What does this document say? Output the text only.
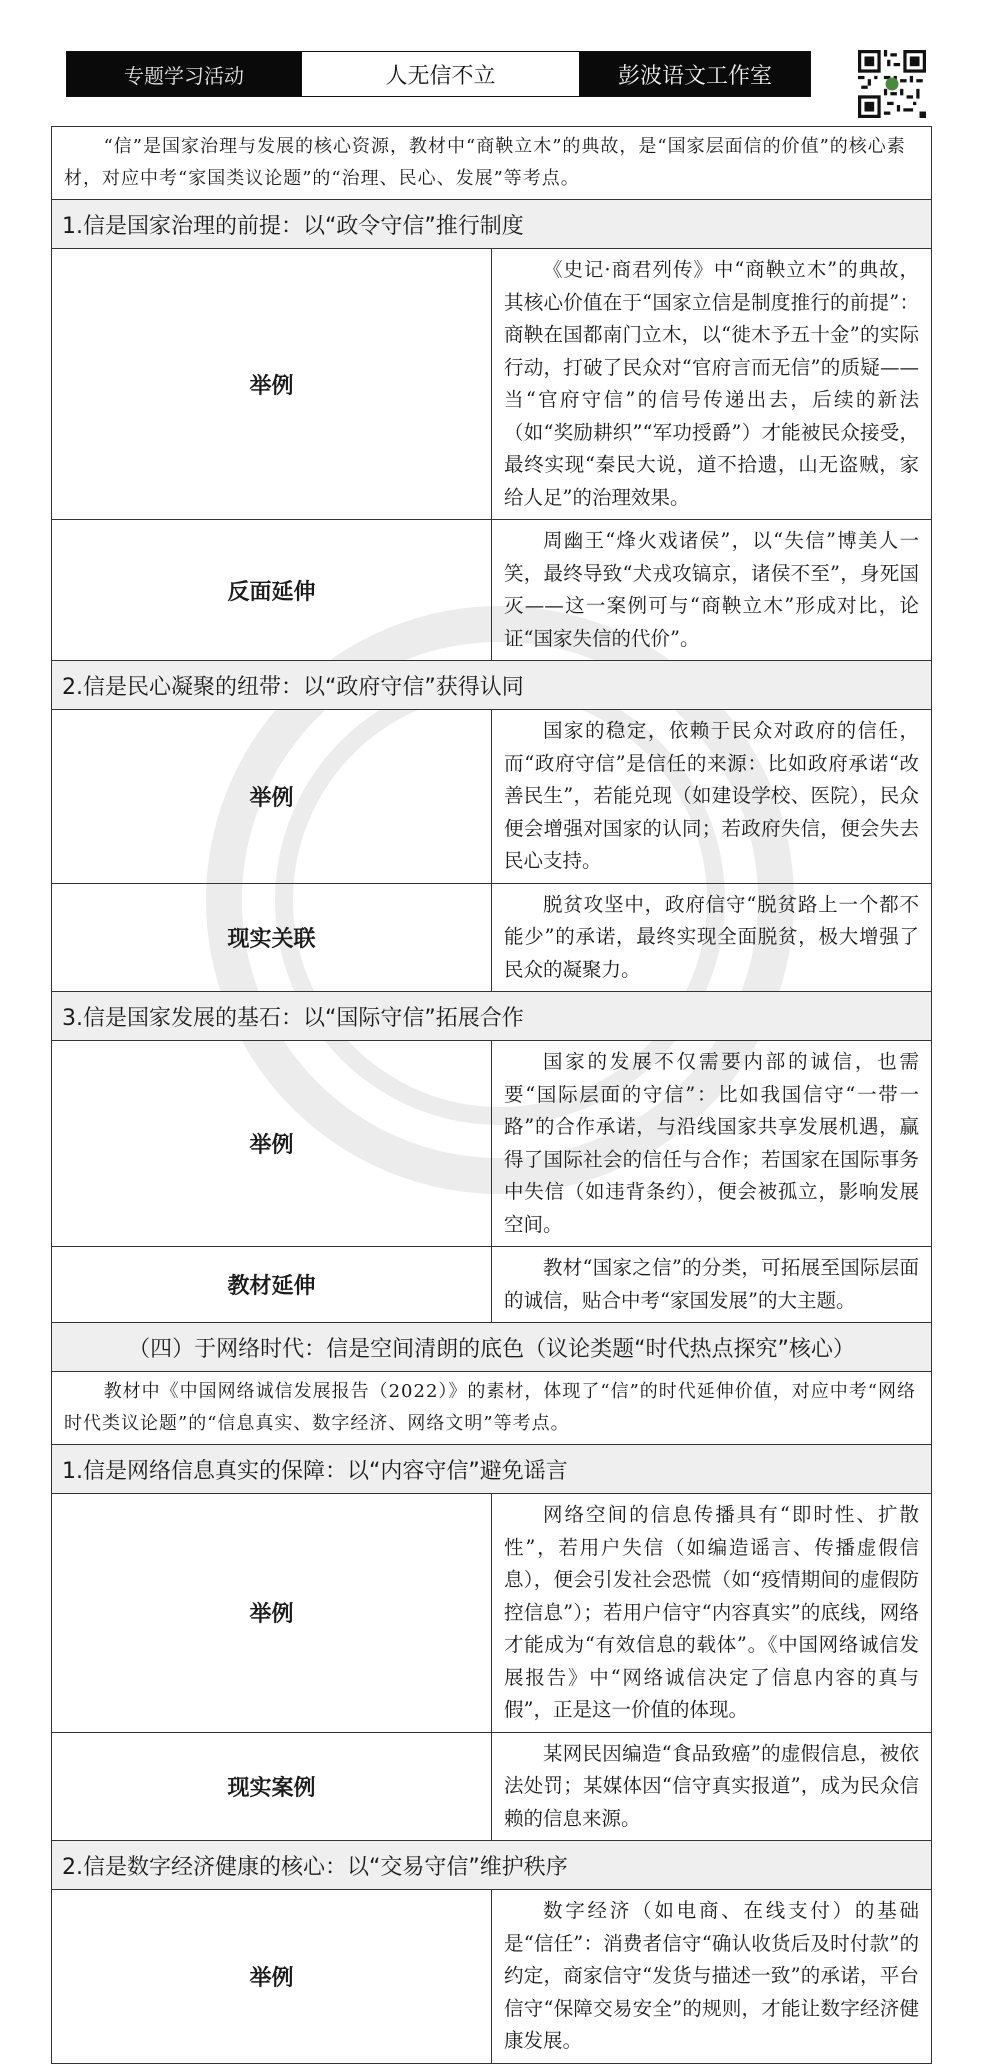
专题学习活动	人无信不立	彭波语文工作室
“信”是国家治理与发展的核心资源，教材中“商鞅立木”的典故，是“国家层面信的价值”的核心素材，对应中考“家国类议论题”的“治理、民心、发展”等考点。	
1.信是国家治理的前提：以“政令守信”推行制度	
举例	《史记·商君列传》中“商鞅立木”的典故，其核心价值在于“国家立信是制度推行的前提”：商鞅在国都南门立木，以“徙木予五十金”的实际行动，打破了民众对“官府言而无信”的质疑——当“官府守信”的信号传递出去，后续的新法（如“奖励耕织”“军功授爵”）才能被民众接受，最终实现“秦民大说，道不拾遗，山无盗贼，家给人足”的治理效果。
反面延伸	周幽王“烽火戏诸侯”，以“失信”博美人一笑，最终导致“犬戎攻镐京，诸侯不至”，身死国灭——这一案例可与“商鞅立木”形成对比，论证“国家失信的代价”。
2.信是民心凝聚的纽带：以“政府守信”获得认同	
举例	国家的稳定，依赖于民众对政府的信任，而“政府守信”是信任的来源：比如政府承诺“改善民生”，若能兑现（如建设学校、医院），民众便会增强对国家的认同；若政府失信，便会失去民心支持。
现实关联	脱贫攻坚中，政府信守“脱贫路上一个都不能少”的承诺，最终实现全面脱贫，极大增强了民众的凝聚力。
3.信是国家发展的基石：以“国际守信”拓展合作	
举例	国家的发展不仅需要内部的诚信，也需要“国际层面的守信”：比如我国信守“一带一路”的合作承诺，与沿线国家共享发展机遇，赢得了国际社会的信任与合作；若国家在国际事务中失信（如违背条约），便会被孤立，影响发展空间。
教材延伸	教材“国家之信”的分类，可拓展至国际层面的诚信，贴合中考“家国发展”的大主题。
（四）于网络时代：信是空间清朗的底色（议论类题“时代热点探究”核心）	
教材中《中国网络诚信发展报告（2022）》的素材，体现了“信”的时代延伸价值，对应中考“网络时代类议论题”的“信息真实、数字经济、网络文明”等考点。	
1.信是网络信息真实的保障：以“内容守信”避免谣言	
举例	网络空间的信息传播具有“即时性、扩散性”，若用户失信（如编造谣言、传播虚假信息），便会引发社会恐慌（如“疫情期间的虚假防控信息”）；若用户信守“内容真实”的底线，网络才能成为“有效信息的载体”。《中国网络诚信发展报告》中“网络诚信决定了信息内容的真与假”，正是这一价值的体现。
现实案例	某网民因编造“食品致癌”的虚假信息，被依法处罚；某媒体因“信守真实报道”，成为民众信赖的信息来源。
2.信是数字经济健康的核心：以“交易守信”维护秩序	
举例	数字经济（如电商、在线支付）的基础是“信任”：消费者信守“确认收货后及时付款”的约定，商家信守“发货与描述一致”的承诺，平台信守“保障交易安全”的规则，才能让数字经济健康发展。
